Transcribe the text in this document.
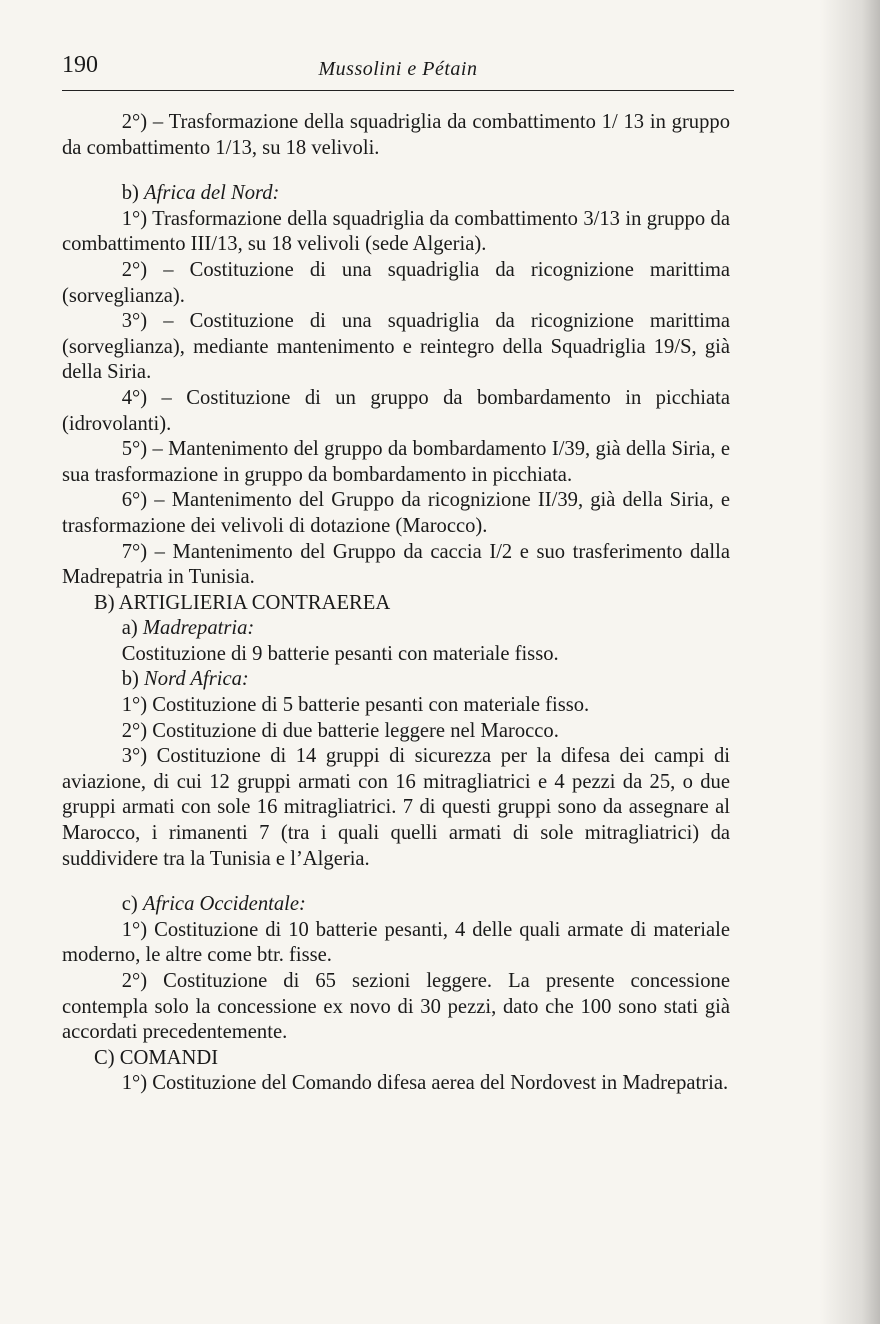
190	Mussolini e Pétain

2°) – Trasformazione della squadriglia da combattimento 1/ 13 in gruppo da combattimento 1/13, su 18 velivoli.

b) Africa del Nord:

1°) Trasformazione della squadriglia da combattimento 3/13 in gruppo da combattimento III/13, su 18 velivoli (sede Algeria).

2°) – Costituzione di una squadriglia da ricognizione marittima (sorveglianza).

3°) – Costituzione di una squadriglia da ricognizione marittima (sorveglianza), mediante mantenimento e reintegro della Squadriglia 19/S, già della Siria.

4°) – Costituzione di un gruppo da bombardamento in picchiata (idrovolanti).

5°) – Mantenimento del gruppo da bombardamento I/39, già della Siria, e sua trasformazione in gruppo da bombardamento in picchiata.

6°) – Mantenimento del Gruppo da ricognizione II/39, già della Siria, e trasformazione dei velivoli di dotazione (Marocco).

7°) – Mantenimento del Gruppo da caccia I/2 e suo trasferimento dalla Madrepatria in Tunisia.

B) ARTIGLIERIA CONTRAEREA

a) Madrepatria:

Costituzione di 9 batterie pesanti con materiale fisso.

b) Nord Africa:

1°) Costituzione di 5 batterie pesanti con materiale fisso.

2°) Costituzione di due batterie leggere nel Marocco.

3°) Costituzione di 14 gruppi di sicurezza per la difesa dei campi di aviazione, di cui 12 gruppi armati con 16 mitragliatrici e 4 pezzi da 25, o due gruppi armati con sole 16 mitragliatrici. 7 di questi gruppi sono da assegnare al Marocco, i rimanenti 7 (tra i quali quelli armati di sole mitragliatrici) da suddividere tra la Tunisia e l’Algeria.

c) Africa Occidentale:

1°) Costituzione di 10 batterie pesanti, 4 delle quali armate di materiale moderno, le altre come btr. fisse.

2°) Costituzione di 65 sezioni leggere. La presente concessione contempla solo la concessione ex novo di 30 pezzi, dato che 100 sono stati già accordati precedentemente.

C) COMANDI

1°) Costituzione del Comando difesa aerea del Nordovest in Madrepatria.
